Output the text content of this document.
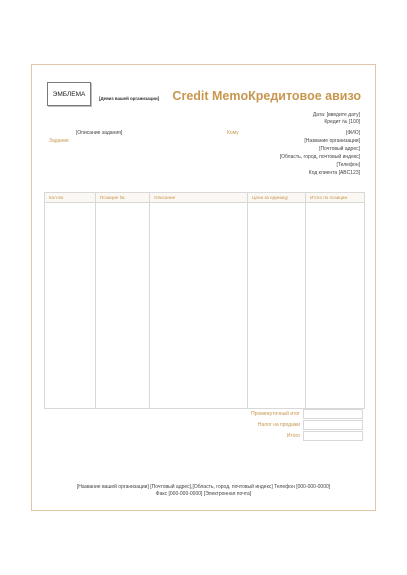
ЭМБЛЕМА
[Девиз вашей организации] Credit MemoКредитовое авизо
Дата: [введите дату]
Кредит № [100]
[Описание задания]
Задание
Кому	[ФИО]
[Название организации]
[Почтовый адрес]
[Область, город, почтовый индекс]
[Телефон]
Код клиента [ABC123]
Кол-во	Позиция №	Описание	Цена за единицу	Итого по позиции
Промежуточный итог
Налог на продажи
Итого
[Название вашей организации] [Почтовый адрес],[Область, город, почтовый индекс] Телефон [000-000-0000]
Факс [000-000-0000] [Электронная почта]
